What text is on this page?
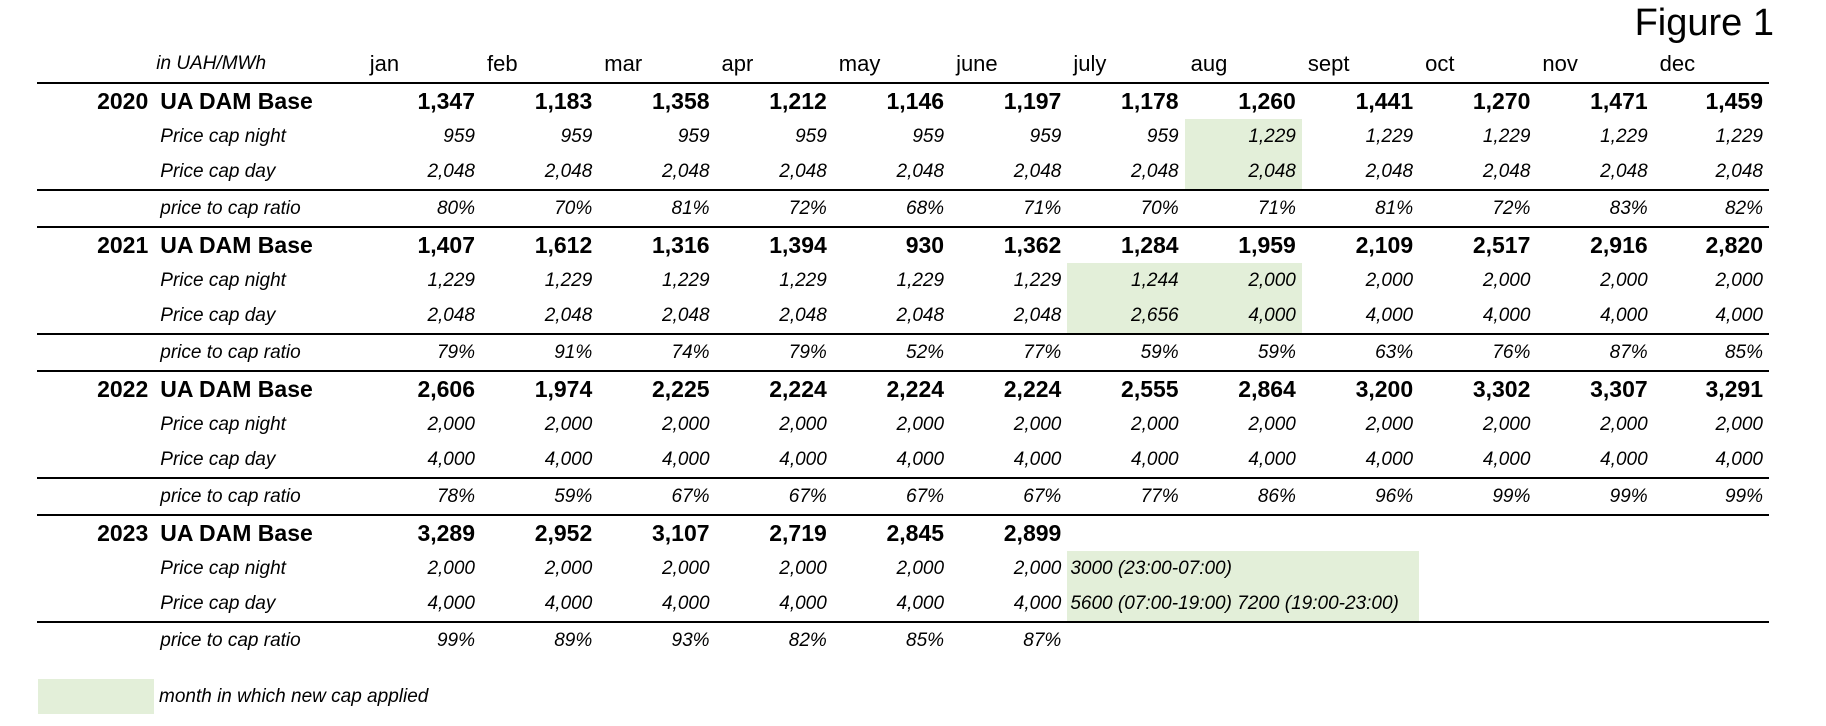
Figure 1
	in UAH/MWh	jan	feb	mar	apr	may	june	july	aug	sept	oct	nov	dec
2020	UA DAM Base	1,347	1,183	1,358	1,212	1,146	1,197	1,178	1,260	1,441	1,270	1,471	1,459
	Price cap night	959	959	959	959	959	959	959	1,229	1,229	1,229	1,229	1,229
	Price cap day	2,048	2,048	2,048	2,048	2,048	2,048	2,048	2,048	2,048	2,048	2,048	2,048
	price to cap ratio	80%	70%	81%	72%	68%	71%	70%	71%	81%	72%	83%	82%
2021	UA DAM Base	1,407	1,612	1,316	1,394	930	1,362	1,284	1,959	2,109	2,517	2,916	2,820
	Price cap night	1,229	1,229	1,229	1,229	1,229	1,229	1,244	2,000	2,000	2,000	2,000	2,000
	Price cap day	2,048	2,048	2,048	2,048	2,048	2,048	2,656	4,000	4,000	4,000	4,000	4,000
	price to cap ratio	79%	91%	74%	79%	52%	77%	59%	59%	63%	76%	87%	85%
2022	UA DAM Base	2,606	1,974	2,225	2,224	2,224	2,224	2,555	2,864	3,200	3,302	3,307	3,291
	Price cap night	2,000	2,000	2,000	2,000	2,000	2,000	2,000	2,000	2,000	2,000	2,000	2,000
	Price cap day	4,000	4,000	4,000	4,000	4,000	4,000	4,000	4,000	4,000	4,000	4,000	4,000
	price to cap ratio	78%	59%	67%	67%	67%	67%	77%	86%	96%	99%	99%	99%
2023	UA DAM Base	3,289	2,952	3,107	2,719	2,845	2,899						
	Price cap night	2,000	2,000	2,000	2,000	2,000	2,000	3000 (23:00-07:00)					
	Price cap day	4,000	4,000	4,000	4,000	4,000	4,000	5600 (07:00-19:00) 7200 (19:00-23:00)					
	price to cap ratio	99%	89%	93%	82%	85%	87%						

month in which new cap applied
